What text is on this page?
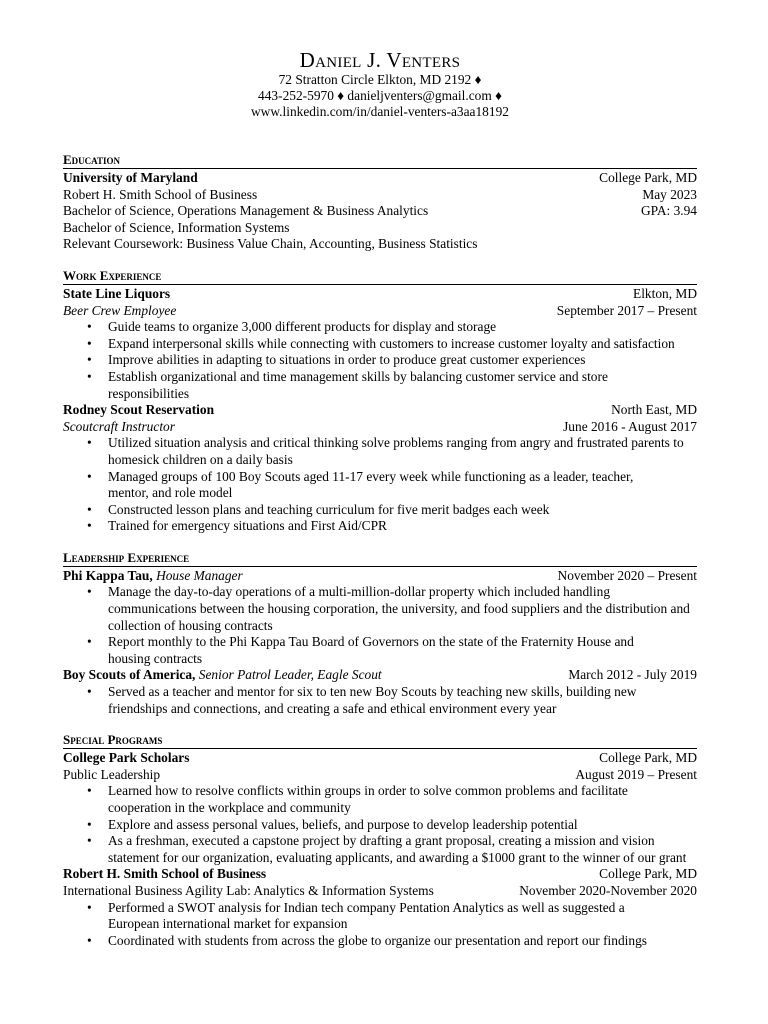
Daniel J. Venters
72 Stratton Circle Elkton, MD 2192 ♦
443-252-5970 ♦ danieljventers@gmail.com ♦
www.linkedin.com/in/daniel-venters-a3aa18192
Education
University of Maryland	College Park, MD
Robert H. Smith School of Business	May 2023
Bachelor of Science, Operations Management & Business Analytics	GPA: 3.94
Bachelor of Science, Information Systems
Relevant Coursework: Business Value Chain, Accounting, Business Statistics
Work Experience
State Line Liquors	Elkton, MD
Beer Crew Employee	September 2017 – Present
• Guide teams to organize 3,000 different products for display and storage
• Expand interpersonal skills while connecting with customers to increase customer loyalty and satisfaction
• Improve abilities in adapting to situations in order to produce great customer experiences
• Establish organizational and time management skills by balancing customer service and store responsibilities
Rodney Scout Reservation	North East, MD
Scoutcraft Instructor	June 2016 - August 2017
• Utilized situation analysis and critical thinking solve problems ranging from angry and frustrated parents to homesick children on a daily basis
• Managed groups of 100 Boy Scouts aged 11-17 every week while functioning as a leader, teacher, mentor, and role model
• Constructed lesson plans and teaching curriculum for five merit badges each week
• Trained for emergency situations and First Aid/CPR
Leadership Experience
Phi Kappa Tau, House Manager	November 2020 – Present
• Manage the day-to-day operations of a multi-million-dollar property which included handling communications between the housing corporation, the university, and food suppliers and the distribution and collection of housing contracts
• Report monthly to the Phi Kappa Tau Board of Governors on the state of the Fraternity House and housing contracts
Boy Scouts of America, Senior Patrol Leader, Eagle Scout	March 2012 - July 2019
• Served as a teacher and mentor for six to ten new Boy Scouts by teaching new skills, building new friendships and connections, and creating a safe and ethical environment every year
Special Programs
College Park Scholars	College Park, MD
Public Leadership	August 2019 – Present
• Learned how to resolve conflicts within groups in order to solve common problems and facilitate cooperation in the workplace and community
• Explore and assess personal values, beliefs, and purpose to develop leadership potential
• As a freshman, executed a capstone project by drafting a grant proposal, creating a mission and vision statement for our organization, evaluating applicants, and awarding a $1000 grant to the winner of our grant
Robert H. Smith School of Business	College Park, MD
International Business Agility Lab: Analytics & Information Systems	November 2020-November 2020
• Performed a SWOT analysis for Indian tech company Pentation Analytics as well as suggested a European international market for expansion
• Coordinated with students from across the globe to organize our presentation and report our findings
